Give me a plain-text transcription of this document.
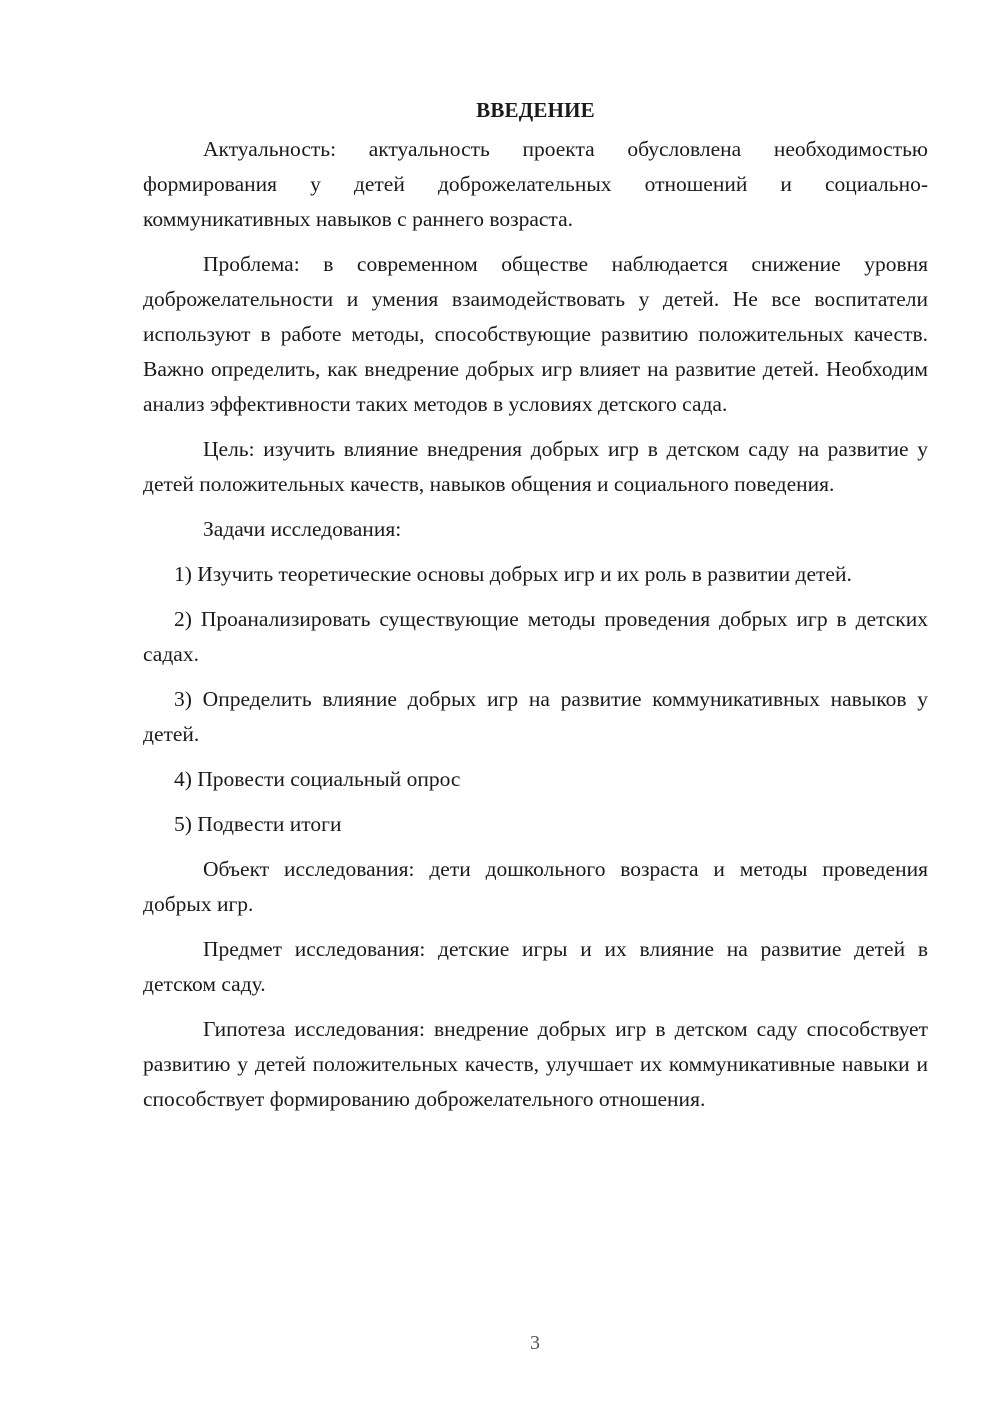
ВВЕДЕНИЕ

Актуальность: актуальность проекта обусловлена необходимостью формирования у детей доброжелательных отношений и социально-коммуникативных навыков с раннего возраста.

Проблема: в современном обществе наблюдается снижение уровня доброжелательности и умения взаимодействовать у детей. Не все воспитатели используют в работе методы, способствующие развитию положительных качеств. Важно определить, как внедрение добрых игр влияет на развитие детей. Необходим анализ эффективности таких методов в условиях детского сада.

Цель: изучить влияние внедрения добрых игр в детском саду на развитие у детей положительных качеств, навыков общения и социального поведения.

Задачи исследования:

1) Изучить теоретические основы добрых игр и их роль в развитии детей.

2) Проанализировать существующие методы проведения добрых игр в детских садах.

3) Определить влияние добрых игр на развитие коммуникативных навыков у детей.

4) Провести социальный опрос

5) Подвести итоги

Объект исследования: дети дошкольного возраста и методы проведения добрых игр.

Предмет исследования: детские игры и их влияние на развитие детей в детском саду.

Гипотеза исследования: внедрение добрых игр в детском саду способствует развитию у детей положительных качеств, улучшает их коммуникативные навыки и способствует формированию доброжелательного отношения.

3
